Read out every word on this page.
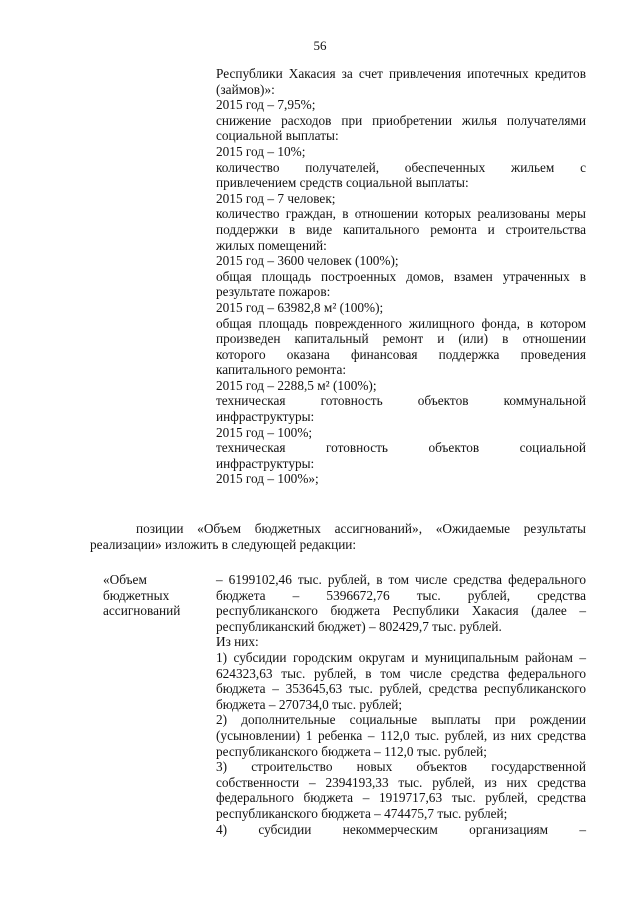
56
Республики Хакасия за счет привлечения ипотечных кредитов
(займов)»:
2015 год – 7,95%;
снижение расходов при приобретении жилья получателями
социальной выплаты:
2015 год – 10%;
количество получателей, обеспеченных жильем с
привлечением средств социальной выплаты:
2015 год – 7 человек;
количество граждан, в отношении которых реализованы меры
поддержки в виде капитального ремонта и строительства
жилых помещений:
2015 год – 3600 человек (100%);
общая площадь построенных домов, взамен утраченных в
результате пожаров:
2015 год – 63982,8 м² (100%);
общая площадь поврежденного жилищного фонда, в котором
произведен капитальный ремонт и (или) в отношении
которого оказана финансовая поддержка проведения
капитального ремонта:
2015 год – 2288,5 м² (100%);
техническая готовность объектов коммунальной
инфраструктуры:
2015 год – 100%;
техническая готовность объектов социальной
инфраструктуры:
2015 год – 100%»;
позиции «Объем бюджетных ассигнований», «Ожидаемые результаты
реализации» изложить в следующей редакции:
«Объем
бюджетных
ассигнований
– 6199102,46 тыс. рублей, в том числе средства федерального
бюджета – 5396672,76 тыс. рублей, средства
республиканского бюджета Республики Хакасия (далее –
республиканский бюджет) – 802429,7 тыс. рублей.
Из них:
1) субсидии городским округам и муниципальным районам –
624323,63 тыс. рублей, в том числе средства федерального
бюджета – 353645,63 тыс. рублей, средства республиканского
бюджета – 270734,0 тыс. рублей;
2) дополнительные социальные выплаты при рождении
(усыновлении) 1 ребенка – 112,0 тыс. рублей, из них средства
республиканского бюджета – 112,0 тыс. рублей;
3) строительство новых объектов государственной
собственности – 2394193,33 тыс. рублей, из них средства
федерального бюджета – 1919717,63 тыс. рублей, средства
республиканского бюджета – 474475,7 тыс. рублей;
4) субсидии некоммерческим организациям –
